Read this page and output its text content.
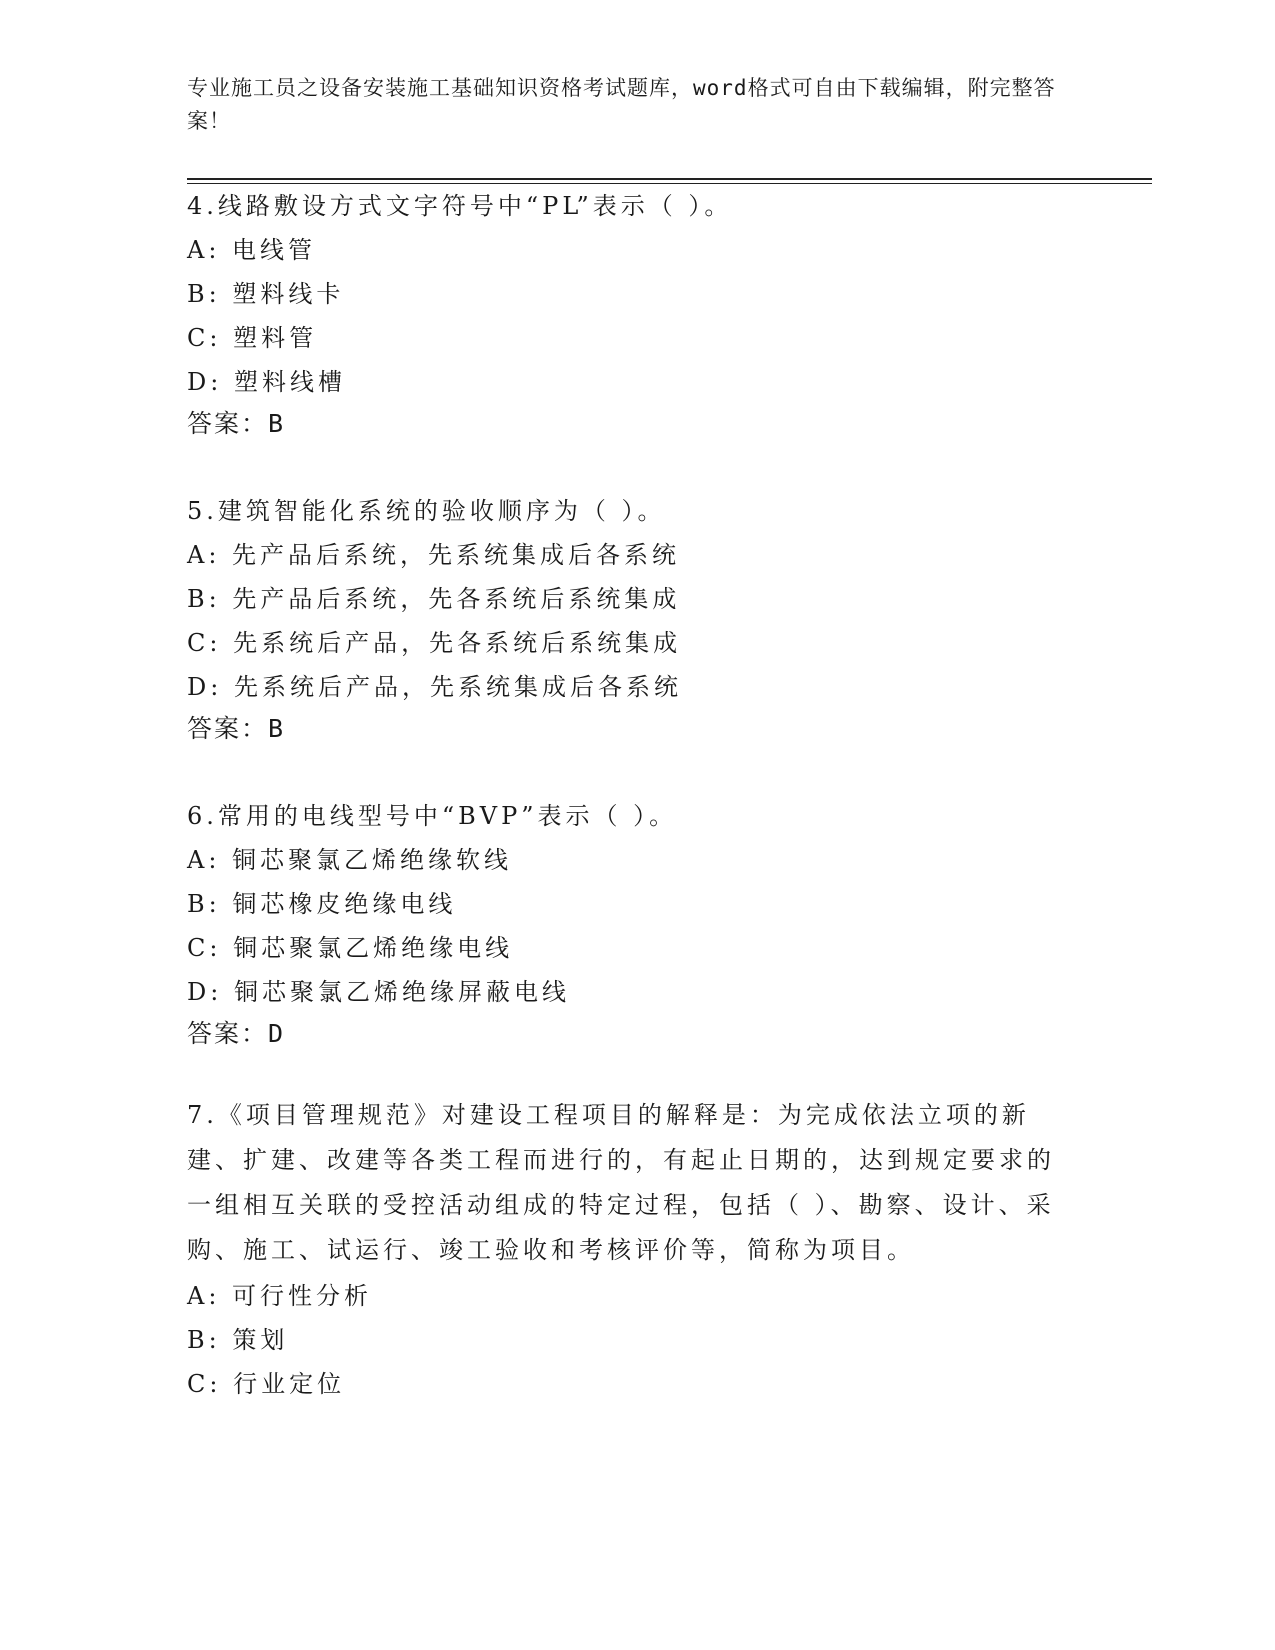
专业施工员之设备安装施工基础知识资格考试题库，word格式可自由下载编辑，附完整答案！
4.线路敷设方式文字符号中“PL”表示（ ）。
A: 电线管
B: 塑料线卡
C: 塑料管
D: 塑料线槽
答案：B
5.建筑智能化系统的验收顺序为（ ）。
A: 先产品后系统，先系统集成后各系统
B: 先产品后系统，先各系统后系统集成
C: 先系统后产品，先各系统后系统集成
D: 先系统后产品，先系统集成后各系统
答案：B
6.常用的电线型号中“BVP”表示（ ）。
A: 铜芯聚氯乙烯绝缘软线
B: 铜芯橡皮绝缘电线
C: 铜芯聚氯乙烯绝缘电线
D: 铜芯聚氯乙烯绝缘屏蔽电线
答案：D
7.《项目管理规范》对建设工程项目的解释是：为完成依法立项的新建、扩建、改建等各类工程而进行的，有起止日期的，达到规定要求的一组相互关联的受控活动组成的特定过程，包括（ ）、勘察、设计、采购、施工、试运行、竣工验收和考核评价等，简称为项目。
A: 可行性分析
B: 策划
C: 行业定位
